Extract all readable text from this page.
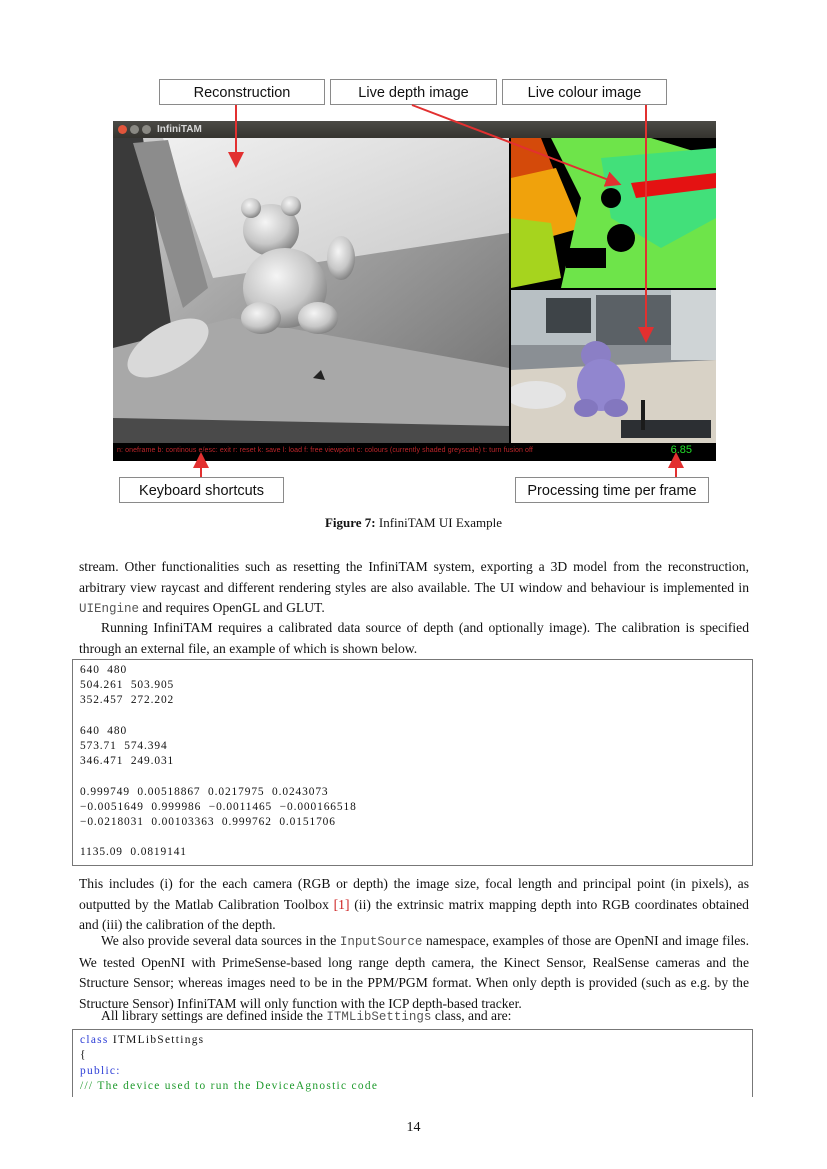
Reconstruction	Live depth image	Live colour image
InfiniTAM
n: oneframe b: continous e/esc: exit r: reset k: save l: load f: free viewpoint c: colours (currently shaded greyscale) t: turn fusion off	6.85
Keyboard shortcuts	Processing time per frame
Figure 7: InfiniTAM UI Example
stream. Other functionalities such as resetting the InfiniTAM system, exporting a 3D model from the reconstruction, arbitrary view raycast and different rendering styles are also available. The UI window and behaviour is implemented in UIEngine and requires OpenGL and GLUT.
Running InfiniTAM requires a calibrated data source of depth (and optionally image). The calibration is specified through an external file, an example of which is shown below.
640  480
504.261  503.905
352.457  272.202
640  480
573.71  574.394
346.471  249.031
0.999749  0.00518867  0.0217975  0.0243073
−0.0051649  0.999986  −0.0011465  −0.000166518
−0.0218031  0.00103363  0.999762  0.0151706
1135.09  0.0819141
This includes (i) for the each camera (RGB or depth) the image size, focal length and principal point (in pixels), as outputted by the Matlab Calibration Toolbox [1] (ii) the extrinsic matrix mapping depth into RGB coordinates obtained and (iii) the calibration of the depth.
We also provide several data sources in the InputSource namespace, examples of those are OpenNI and image files. We tested OpenNI with PrimeSense-based long range depth camera, the Kinect Sensor, RealSense cameras and the Structure Sensor; whereas images need to be in the PPM/PGM format. When only depth is provided (such as e.g. by the Structure Sensor) InfiniTAM will only function with the ICP depth-based tracker.
All library settings are defined inside the ITMLibSettings class, and are:
class ITMLibSettings
{
public:
/// The device used to run the DeviceAgnostic code
14
